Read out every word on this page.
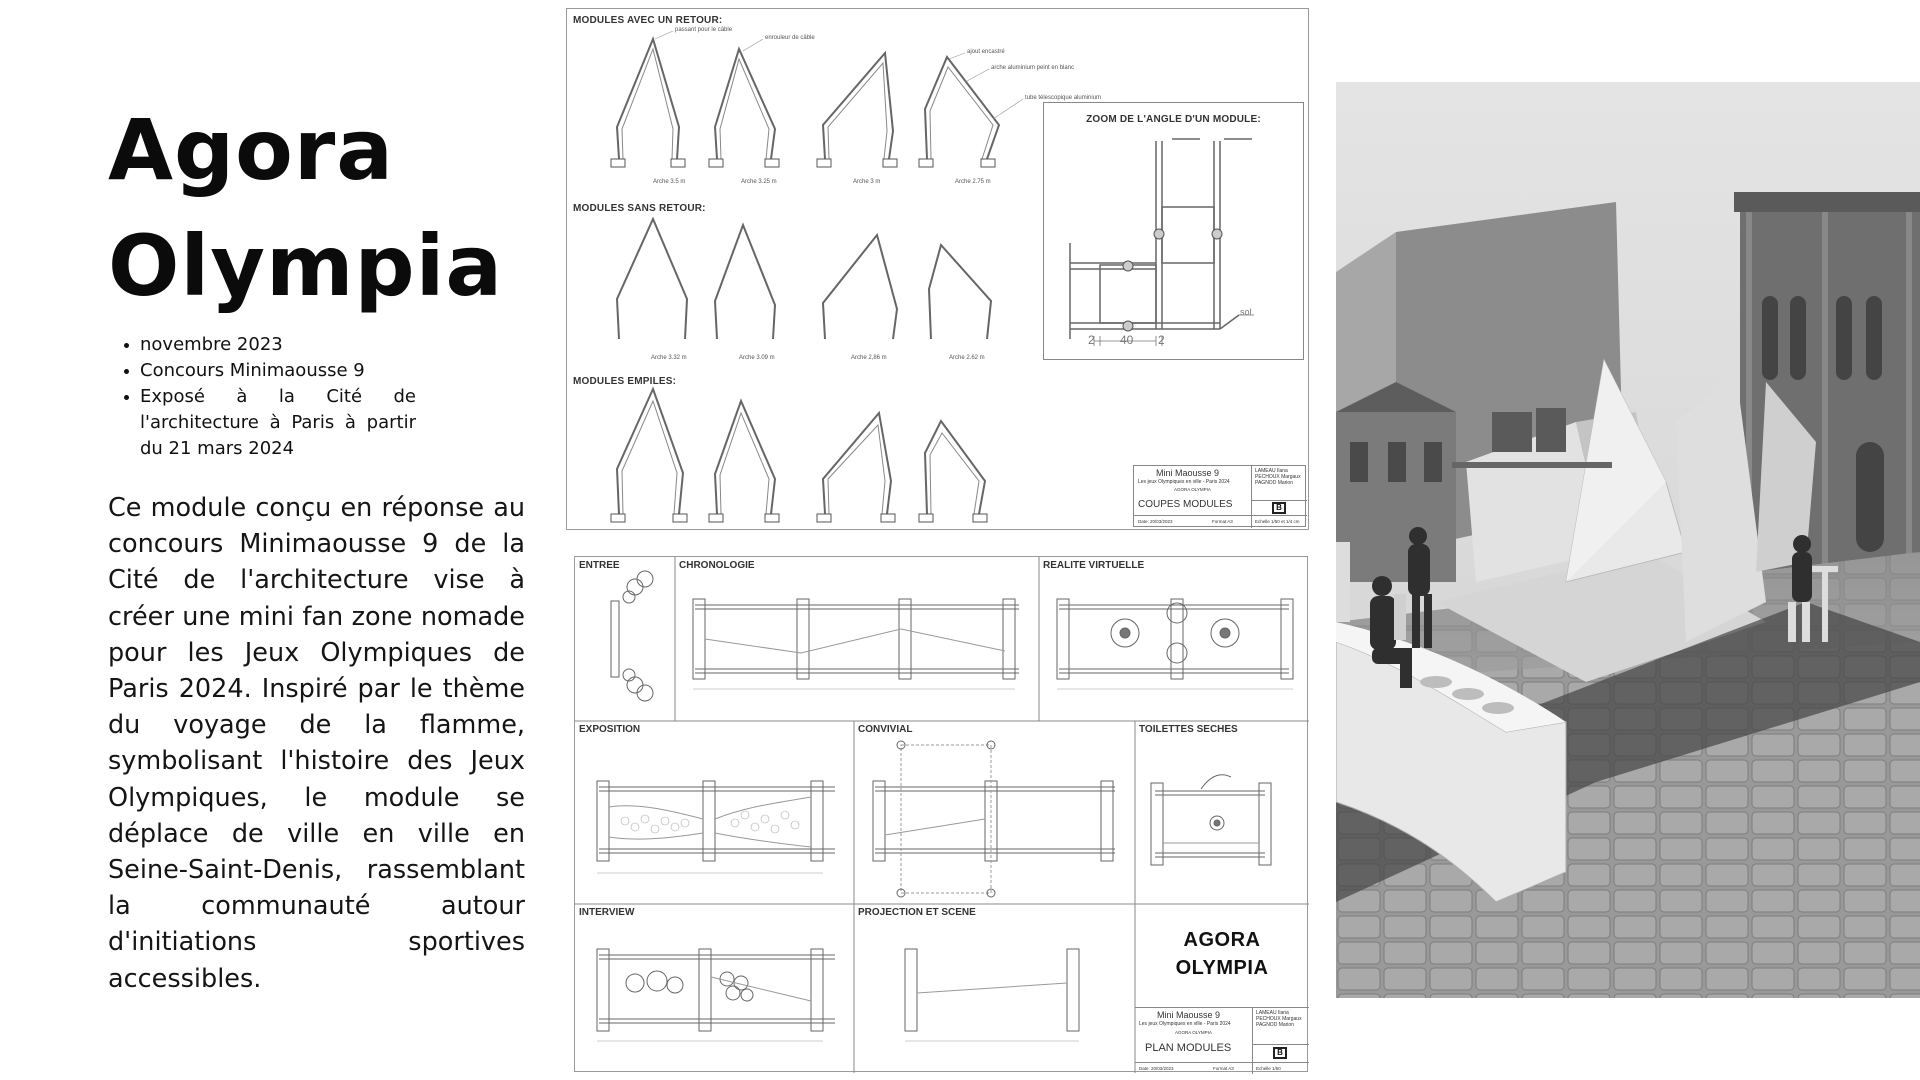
Agora
Olympia
novembre 2023
Concours Minimaousse 9
Exposé à la Cité de l'architecture à Paris à partir du 21 mars 2024

Ce module conçu en réponse au concours Minimaousse 9 de la Cité de l'architecture vise à créer une mini fan zone nomade pour les Jeux Olympiques de Paris 2024. Inspiré par le thème du voyage de la flamme, symbolisant l'histoire des Jeux Olympiques, le module se déplace de ville en ville en Seine-Saint-Denis, rassemblant la communauté autour d'initiations sportives accessibles.

MODULES AVEC UN RETOUR:
MODULES SANS RETOUR:
MODULES EMPILES:
passant pour le câble
enrouleur de câble
ajout encastré
arche aluminium peint en blanc
tube télescopique aluminium
Arche 3.5 m	Arche 3.25 m	Arche 3 m	Arche 2.75 m
Arche 3.32 m	Arche 3.09 m	Arche 2,86 m	Arche 2.62 m
ZOOM DE L'ANGLE D'UN MODULE:
2 40 2
sol
Mini Maousse 9
Les jeux Olympiques en ville - Paris 2024
AGORA OLYMPIA
COUPES MODULES
LAMEAU Ilana
PECHOUX Margaux
PAGNOD Marion
B
Date: 20/03/2023	Format A3	Echelle 1/50 et 1/4 cm
ENTREE	CHRONOLOGIE	REALITE VIRTUELLE
EXPOSITION	CONVIVIAL	TOILETTES SECHES
INTERVIEW	PROJECTION ET SCENE
AGORA
OLYMPIA
Mini Maousse 9
Les jeux Olympiques en ville - Paris 2024
AGORA OLYMPIA
PLAN MODULES
LAMEAU Ilana
PECHOUX Margaux
PAGNOD Marion
B
Date: 20/03/2023	Format A3	Echelle 1/50
